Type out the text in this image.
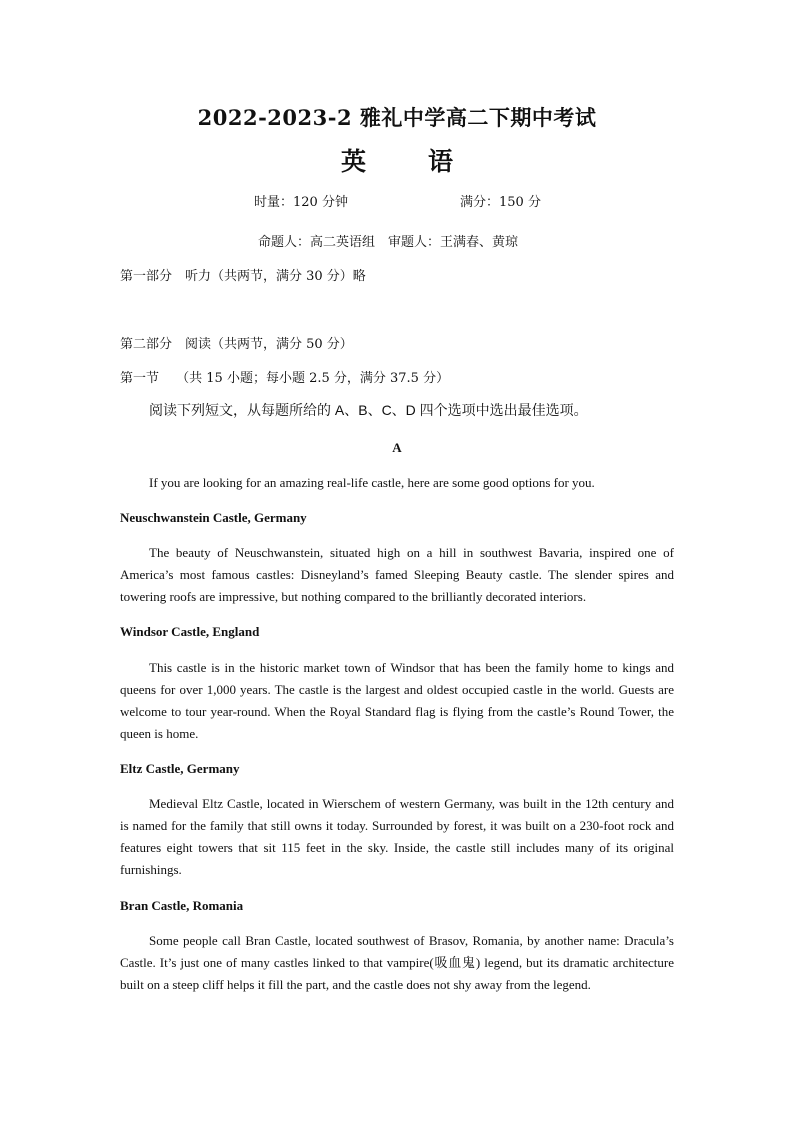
2022-2023-2 雅礼中学高二下期中考试
英 语
时量：120 分钟	满分：150 分
命题人：高二英语组　审题人：王满春、黄琼
第一部分　听力（共两节，满分 30 分）略
第二部分　阅读（共两节，满分 50 分）
第一节　 （共 15 小题；每小题 2.5 分，满分 37.5 分）
阅读下列短文，从每题所给的 A、B、C、D 四个选项中选出最佳选项。
A
If you are looking for an amazing real-life castle, here are some good options for you.
Neuschwanstein Castle, Germany
The beauty of Neuschwanstein, situated high on a hill in southwest Bavaria, inspired one of America’s most famous castles: Disneyland’s famed Sleeping Beauty castle. The slender spires and towering roofs are impressive, but nothing compared to the brilliantly decorated interiors.
Windsor Castle, England
This castle is in the historic market town of Windsor that has been the family home to kings and queens for over 1,000 years. The castle is the largest and oldest occupied castle in the world. Guests are welcome to tour year-round. When the Royal Standard flag is flying from the castle’s Round Tower, the queen is home.
Eltz Castle, Germany
Medieval Eltz Castle, located in Wierschem of western Germany, was built in the 12th century and is named for the family that still owns it today. Surrounded by forest, it was built on a 230-foot rock and features eight towers that sit 115 feet in the sky. Inside, the castle still includes many of its original furnishings.
Bran Castle, Romania
Some people call Bran Castle, located southwest of Brasov, Romania, by another name: Dracula’s Castle. It’s just one of many castles linked to that vampire(吸血鬼) legend, but its dramatic architecture built on a steep cliff helps it fill the part, and the castle does not shy away from the legend.
